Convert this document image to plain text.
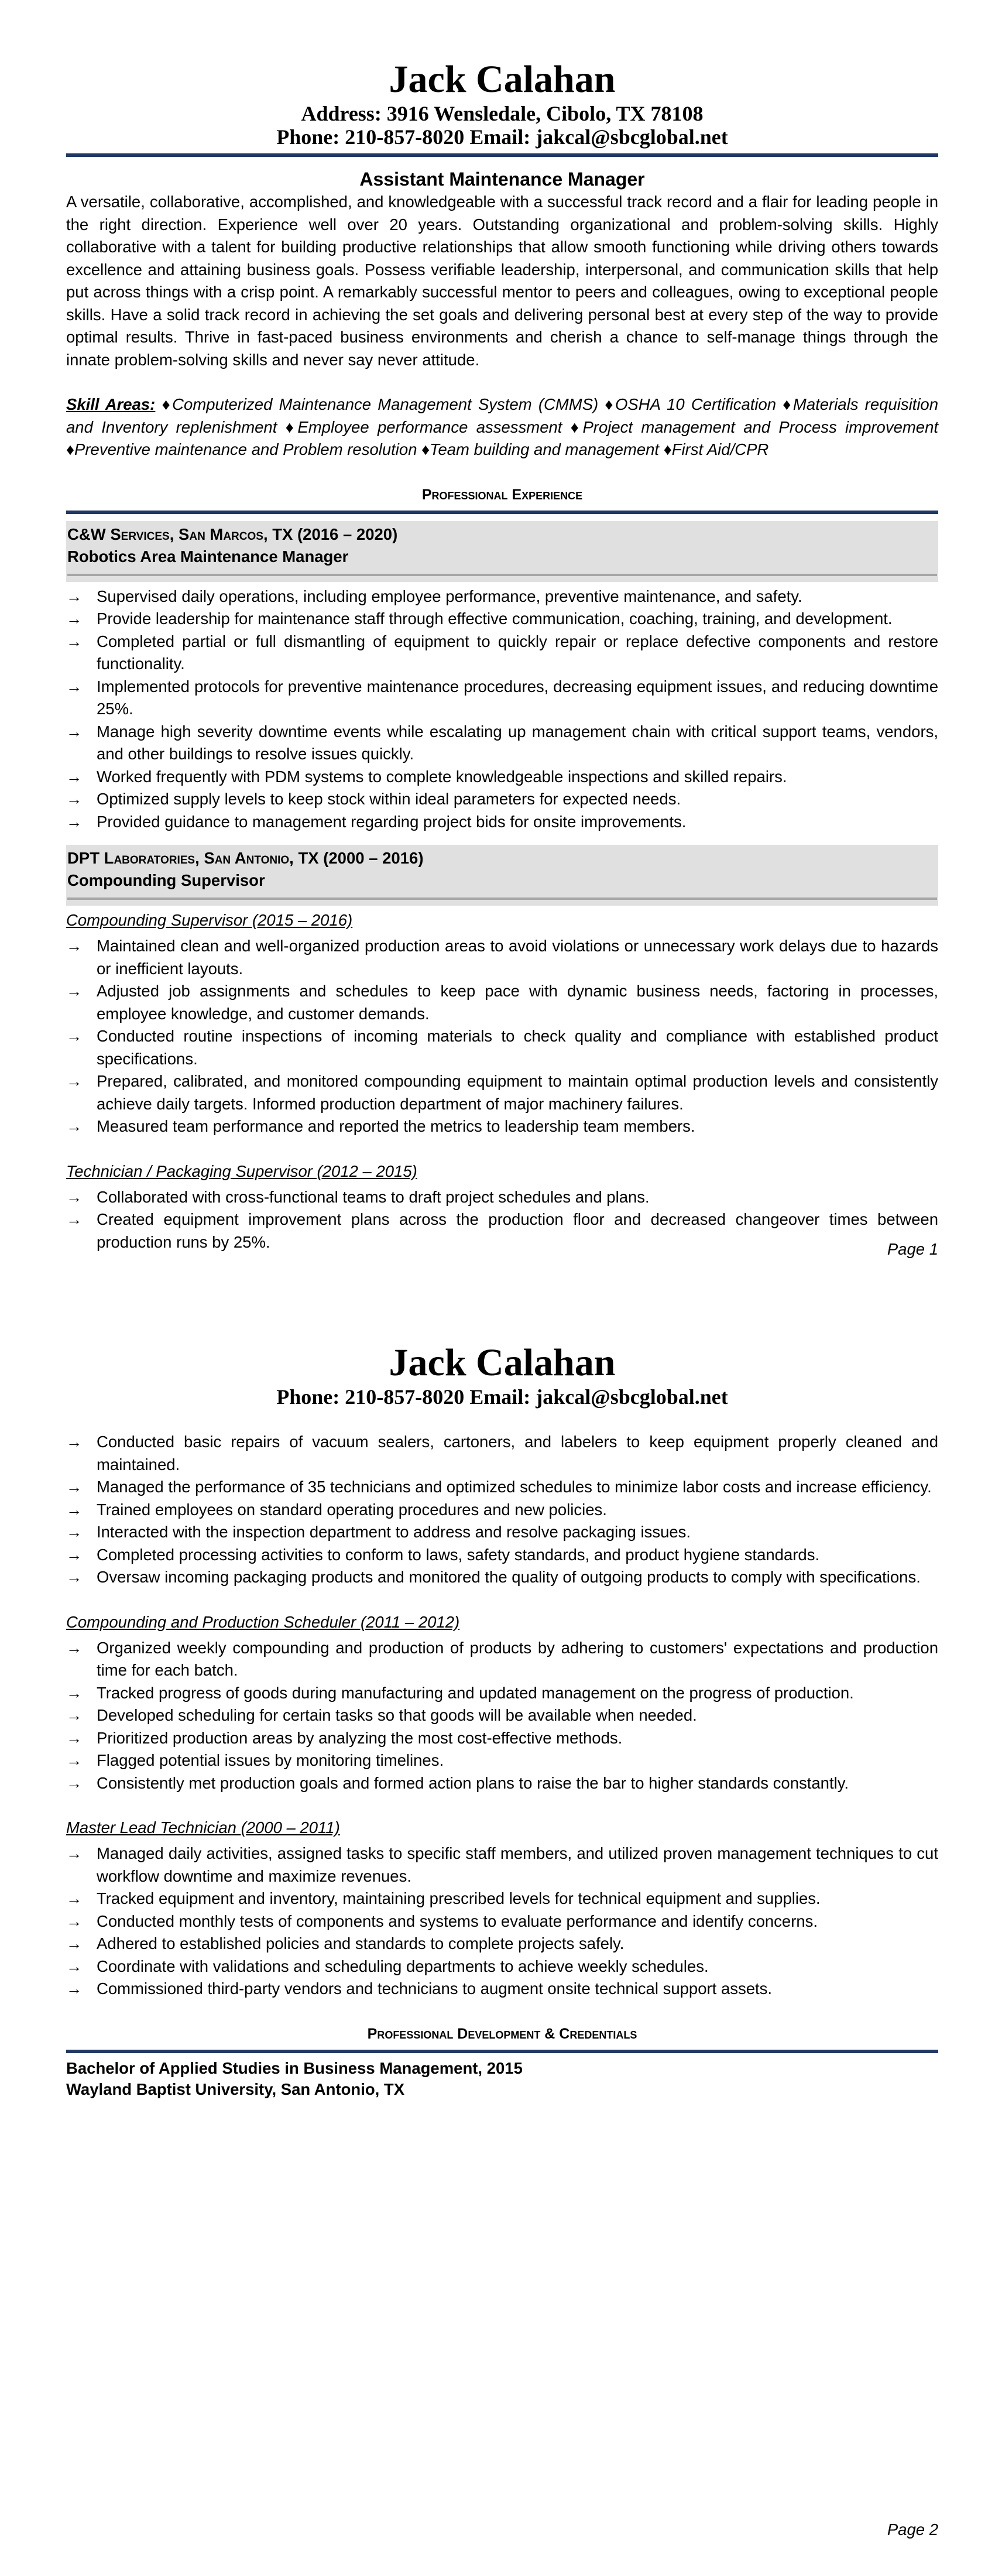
Jack Calahan
Address: 3916 Wensledale, Cibolo, TX 78108
Phone: 210-857-8020 Email: jakcal@sbcglobal.net
Assistant Maintenance Manager

A versatile, collaborative, accomplished, and knowledgeable with a successful track record and a flair for leading people in the right direction. Experience well over 20 years. Outstanding organizational and problem-solving skills. Highly collaborative with a talent for building productive relationships that allow smooth functioning while driving others towards excellence and attaining business goals. Possess verifiable leadership, interpersonal, and communication skills that help put across things with a crisp point. A remarkably successful mentor to peers and colleagues, owing to exceptional people skills. Have a solid track record in achieving the set goals and delivering personal best at every step of the way to provide optimal results. Thrive in fast-paced business environments and cherish a chance to self-manage things through the innate problem-solving skills and never say never attitude.

Skill Areas: ♦Computerized Maintenance Management System (CMMS) ♦OSHA 10 Certification ♦Materials requisition and Inventory replenishment ♦Employee performance assessment ♦Project management and Process improvement ♦Preventive maintenance and Problem resolution ♦Team building and management ♦First Aid/CPR

Professional Experience
C&W Services, San Marcos, TX (2016 – 2020)
Robotics Area Maintenance Manager
→ Supervised daily operations, including employee performance, preventive maintenance, and safety.
→ Provide leadership for maintenance staff through effective communication, coaching, training, and development.
→ Completed partial or full dismantling of equipment to quickly repair or replace defective components and restore functionality.
→ Implemented protocols for preventive maintenance procedures, decreasing equipment issues, and reducing downtime 25%.
→ Manage high severity downtime events while escalating up management chain with critical support teams, vendors, and other buildings to resolve issues quickly.
→ Worked frequently with PDM systems to complete knowledgeable inspections and skilled repairs.
→ Optimized supply levels to keep stock within ideal parameters for expected needs.
→ Provided guidance to management regarding project bids for onsite improvements.
DPT Laboratories, San Antonio, TX (2000 – 2016)
Compounding Supervisor
Compounding Supervisor (2015 – 2016)
→ Maintained clean and well-organized production areas to avoid violations or unnecessary work delays due to hazards or inefficient layouts.
→ Adjusted job assignments and schedules to keep pace with dynamic business needs, factoring in processes, employee knowledge, and customer demands.
→ Conducted routine inspections of incoming materials to check quality and compliance with established product specifications.
→ Prepared, calibrated, and monitored compounding equipment to maintain optimal production levels and consistently achieve daily targets. Informed production department of major machinery failures.
→ Measured team performance and reported the metrics to leadership team members.
Technician / Packaging Supervisor (2012 – 2015)
→ Collaborated with cross-functional teams to draft project schedules and plans.
→ Created equipment improvement plans across the production floor and decreased changeover times between production runs by 25%.	Page 1
Jack Calahan
Phone: 210-857-8020 Email: jakcal@sbcglobal.net
→ Conducted basic repairs of vacuum sealers, cartoners, and labelers to keep equipment properly cleaned and maintained.
→ Managed the performance of 35 technicians and optimized schedules to minimize labor costs and increase efficiency.
→ Trained employees on standard operating procedures and new policies.
→ Interacted with the inspection department to address and resolve packaging issues.
→ Completed processing activities to conform to laws, safety standards, and product hygiene standards.
→ Oversaw incoming packaging products and monitored the quality of outgoing products to comply with specifications.
Compounding and Production Scheduler (2011 – 2012)
→ Organized weekly compounding and production of products by adhering to customers' expectations and production time for each batch.
→ Tracked progress of goods during manufacturing and updated management on the progress of production.
→ Developed scheduling for certain tasks so that goods will be available when needed.
→ Prioritized production areas by analyzing the most cost-effective methods.
→ Flagged potential issues by monitoring timelines.
→ Consistently met production goals and formed action plans to raise the bar to higher standards constantly.
Master Lead Technician (2000 – 2011)
→ Managed daily activities, assigned tasks to specific staff members, and utilized proven management techniques to cut workflow downtime and maximize revenues.
→ Tracked equipment and inventory, maintaining prescribed levels for technical equipment and supplies.
→ Conducted monthly tests of components and systems to evaluate performance and identify concerns.
→ Adhered to established policies and standards to complete projects safely.
→ Coordinate with validations and scheduling departments to achieve weekly schedules.
→ Commissioned third-party vendors and technicians to augment onsite technical support assets.
Professional Development & Credentials
Bachelor of Applied Studies in Business Management, 2015
Wayland Baptist University, San Antonio, TX
Page 2
